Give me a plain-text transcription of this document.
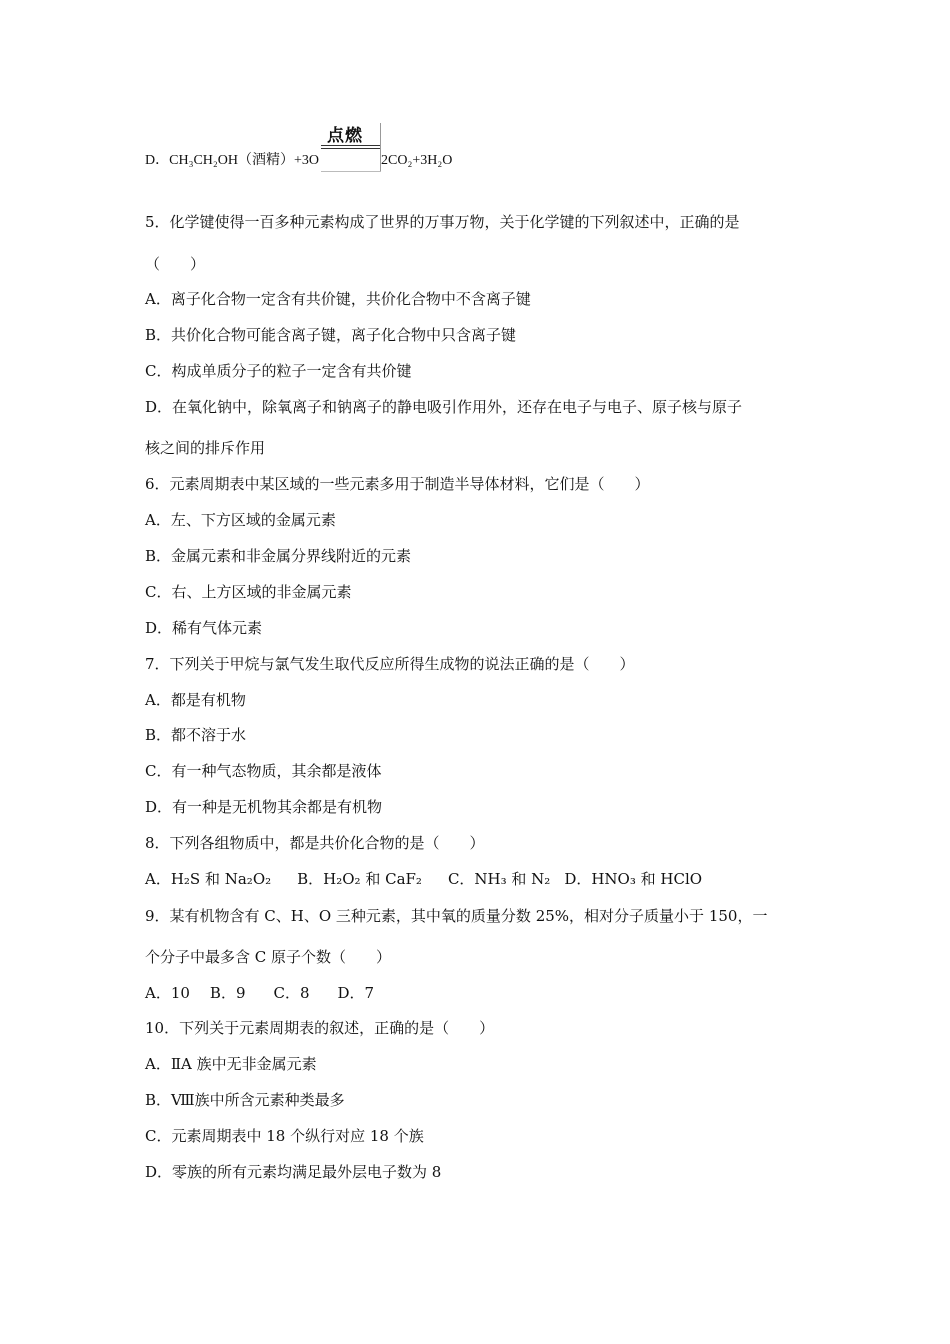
D．CH₃CH₂OH（酒精）+3O
点燃
2CO₂+3H₂O
5．化学键使得一百多种元素构成了世界的万事万物，关于化学键的下列叙述中，正确的是
（　　）
A．离子化合物一定含有共价键，共价化合物中不含离子键
B．共价化合物可能含离子键，离子化合物中只含离子键
C．构成单质分子的粒子一定含有共价键
D．在氧化钠中，除氧离子和钠离子的静电吸引作用外，还存在电子与电子、原子核与原子
核之间的排斥作用
6．元素周期表中某区域的一些元素多用于制造半导体材料，它们是（　　）
A．左、下方区域的金属元素
B．金属元素和非金属分界线附近的元素
C．右、上方区域的非金属元素
D．稀有气体元素
7．下列关于甲烷与氯气发生取代反应所得生成物的说法正确的是（　　）
A．都是有机物
B．都不溶于水
C．有一种气态物质，其余都是液体
D．有一种是无机物其余都是有机物
8．下列各组物质中，都是共价化合物的是（　　）
A．H₂S 和 Na₂O₂ B．H₂O₂ 和 CaF₂ C．NH₃ 和 N₂ D．HNO₃ 和 HClO
9．某有机物含有 C、H、O 三种元素，其中氧的质量分数 25%，相对分子质量小于 150，一
个分子中最多含 C 原子个数（　　）
A．10 B．9 C．8 D．7
10．下列关于元素周期表的叙述，正确的是（　　）
A．ⅡA 族中无非金属元素
B．Ⅷ族中所含元素种类最多
C．元素周期表中 18 个纵行对应 18 个族
D．零族的所有元素均满足最外层电子数为 8
